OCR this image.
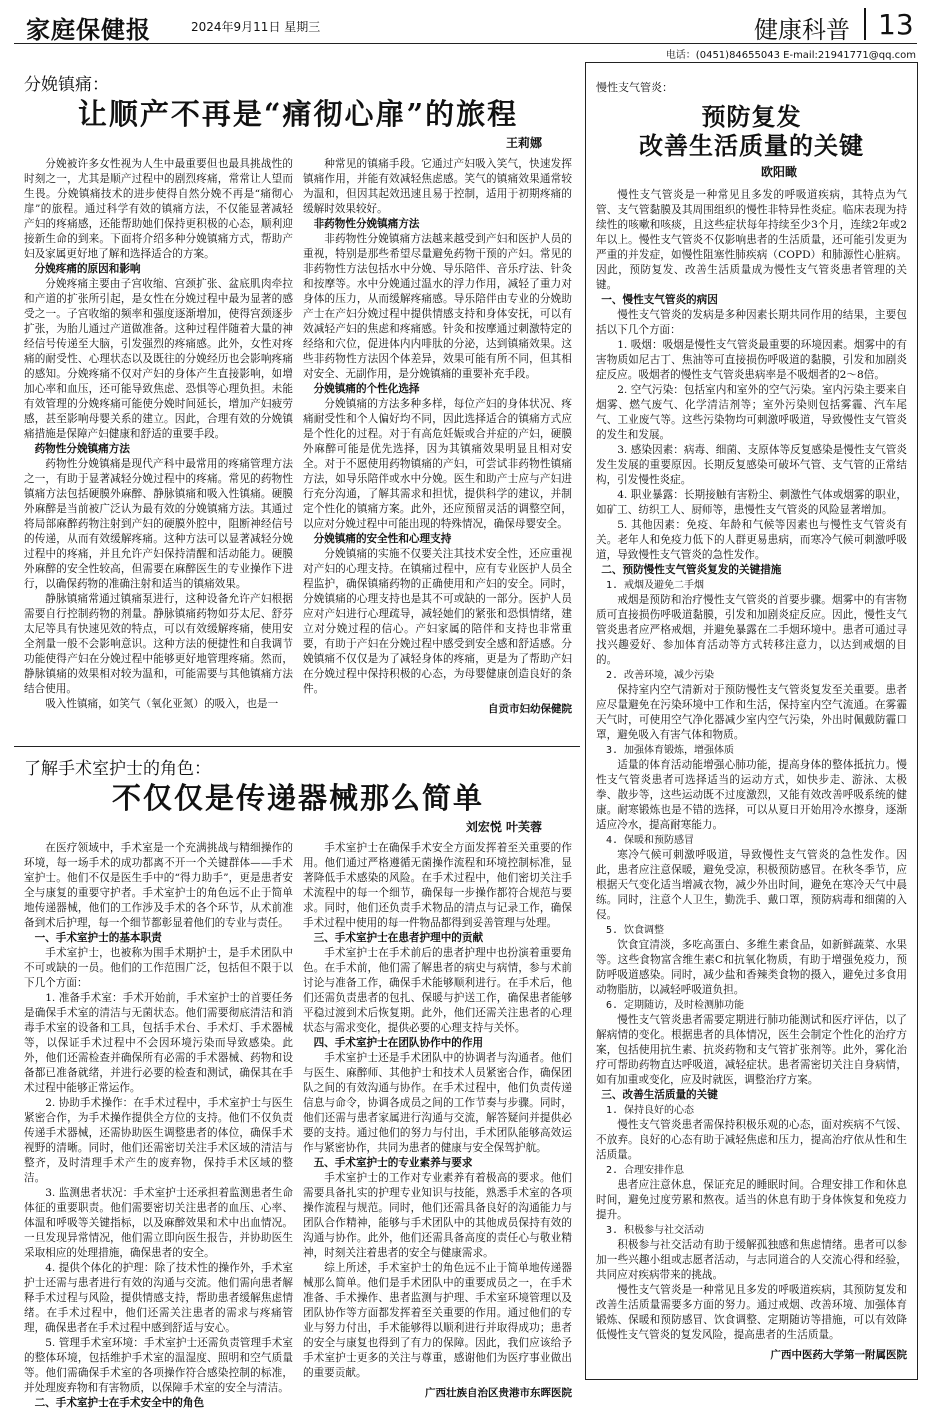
家庭保健报	2024年9月11日 星期三	健康科普 13
电话：(0451)84655043 E-mail:21941771@qq.com
分娩镇痛：
让顺产不再是“痛彻心扉”的旅程
王莉娜

分娩被许多女性视为人生中最重要但也最具挑战性的时刻之一，尤其是顺产过程中的剧烈疼痛，常常让人望而生畏。分娩镇痛技术的进步使得自然分娩不再是“痛彻心扉”的旅程。通过科学有效的镇痛方法，不仅能显著减轻产妇的疼痛感，还能帮助她们保持更积极的心态，顺利迎接新生命的到来。下面将介绍多种分娩镇痛方式，帮助产妇及家属更好地了解和选择适合的方案。

分娩疼痛的原因和影响

分娩疼痛主要由子宫收缩、宫颈扩张、盆底肌肉牵拉和产道的扩张所引起，是女性在分娩过程中最为显著的感受之一。子宫收缩的频率和强度逐渐增加，使得宫颈逐步扩张，为胎儿通过产道做准备。这种过程伴随着大量的神经信号传递至大脑，引发强烈的疼痛感。此外，女性对疼痛的耐受性、心理状态以及既往的分娩经历也会影响疼痛的感知。分娩疼痛不仅对产妇的身体产生直接影响，如增加心率和血压，还可能导致焦虑、恐惧等心理负担。未能有效管理的分娩疼痛可能使分娩时间延长，增加产妇疲劳感，甚至影响母婴关系的建立。因此，合理有效的分娩镇痛措施是保障产妇健康和舒适的重要手段。

药物性分娩镇痛方法

药物性分娩镇痛是现代产科中最常用的疼痛管理方法之一，有助于显著减轻分娩过程中的疼痛。常见的药物性镇痛方法包括硬膜外麻醉、静脉镇痛和吸入性镇痛。硬膜外麻醉是当前被广泛认为最有效的分娩镇痛方法。其通过将局部麻醉药物注射到产妇的硬膜外腔中，阻断神经信号的传递，从而有效缓解疼痛。这种方法可以显著减轻分娩过程中的疼痛，并且允许产妇保持清醒和活动能力。硬膜外麻醉的安全性较高，但需要在麻醉医生的专业操作下进行，以确保药物的准确注射和适当的镇痛效果。

静脉镇痛常通过镇痛泵进行，这种设备允许产妇根据需要自行控制药物的剂量。静脉镇痛药物如芬太尼、舒芬太尼等具有快速见效的特点，可以有效缓解疼痛，使用安全剂量一般不会影响意识。这种方法的便捷性和自我调节功能使得产妇在分娩过程中能够更好地管理疼痛。然而，静脉镇痛的效果相对较为温和，可能需要与其他镇痛方法结合使用。

吸入性镇痛，如笑气（氧化亚氮）的吸入，也是一

种常见的镇痛手段。它通过产妇吸入笑气，快速发挥镇痛作用，并能有效减轻焦虑感。笑气的镇痛效果通常较为温和，但因其起效迅速且易于控制，适用于初期疼痛的缓解时效果较好。

非药物性分娩镇痛方法

非药物性分娩镇痛方法越来越受到产妇和医护人员的重视，特别是那些希望尽量避免药物干预的产妇。常见的非药物性方法包括水中分娩、导乐陪伴、音乐疗法、针灸和按摩等。水中分娩通过温水的浮力作用，减轻了重力对身体的压力，从而缓解疼痛感。导乐陪伴由专业的分娩助产士在产妇分娩过程中提供情感支持和身体安抚，可以有效减轻产妇的焦虑和疼痛感。针灸和按摩通过刺激特定的经络和穴位，促进体内内啡肽的分泌，达到镇痛效果。这些非药物性方法因个体差异，效果可能有所不同，但其相对安全、无副作用，是分娩镇痛的重要补充手段。

分娩镇痛的个性化选择

分娩镇痛的方法多种多样，每位产妇的身体状况、疼痛耐受性和个人偏好均不同，因此选择适合的镇痛方式应是个性化的过程。对于有高危妊娠或合并症的产妇，硬膜外麻醉可能是优先选择，因为其镇痛效果明显且相对安全。对于不愿使用药物镇痛的产妇，可尝试非药物性镇痛方法，如导乐陪伴或水中分娩。医生和助产士应与产妇进行充分沟通，了解其需求和担忧，提供科学的建议，并制定个性化的镇痛方案。此外，还应预留灵活的调整空间，以应对分娩过程中可能出现的特殊情况，确保母婴安全。

分娩镇痛的安全性和心理支持

分娩镇痛的实施不仅要关注其技术安全性，还应重视对产妇的心理支持。在镇痛过程中，应有专业医护人员全程监护，确保镇痛药物的正确使用和产妇的安全。同时，分娩镇痛的心理支持也是其不可或缺的一部分。医护人员应对产妇进行心理疏导，减轻她们的紧张和恐惧情绪，建立对分娩过程的信心。产妇家属的陪伴和支持也非常重要，有助于产妇在分娩过程中感受到安全感和舒适感。分娩镇痛不仅仅是为了减轻身体的疼痛，更是为了帮助产妇在分娩过程中保持积极的心态，为母婴健康创造良好的条件。

自贡市妇幼保健院
了解手术室护士的角色：
不仅仅是传递器械那么简单
刘宏悦 叶芙蓉

在医疗领域中，手术室是一个充满挑战与精细操作的环境，每一场手术的成功都离不开一个关键群体——手术室护士。他们不仅是医生手中的“得力助手”，更是患者安全与康复的重要守护者。手术室护士的角色远不止于简单地传递器械，他们的工作涉及手术的各个环节，从术前准备到术后护理，每一个细节都彰显着他们的专业与责任。

一、手术室护士的基本职责

手术室护士，也被称为围手术期护士，是手术团队中不可或缺的一员。他们的工作范围广泛，包括但不限于以下几个方面：

1. 准备手术室：手术开始前，手术室护士的首要任务是确保手术室的清洁与无菌状态。他们需要彻底清洁和消毒手术室的设备和工具，包括手术台、手术灯、手术器械等，以保证手术过程中不会因环境污染而导致感染。此外，他们还需检查并确保所有必需的手术器械、药物和设备都已准备就绪，并进行必要的检查和测试，确保其在手术过程中能够正常运作。

2. 协助手术操作：在手术过程中，手术室护士与医生紧密合作，为手术操作提供全方位的支持。他们不仅负责传递手术器械，还需协助医生调整患者的体位，确保手术视野的清晰。同时，他们还需密切关注手术区域的清洁与整齐，及时清理手术产生的废弃物，保持手术区域的整洁。

3. 监测患者状况：手术室护士还承担着监测患者生命体征的重要职责。他们需要密切关注患者的血压、心率、体温和呼吸等关键指标，以及麻醉效果和术中出血情况。一旦发现异常情况，他们需立即向医生报告，并协助医生采取相应的处理措施，确保患者的安全。

4. 提供个体化的护理：除了技术性的操作外，手术室护士还需与患者进行有效的沟通与交流。他们需向患者解释手术过程与风险，提供情感支持，帮助患者缓解焦虑情绪。在手术过程中，他们还需关注患者的需求与疼痛管理，确保患者在手术过程中感到舒适与安心。

5. 管理手术室环境：手术室护士还需负责管理手术室的整体环境，包括维护手术室的温湿度、照明和空气质量等。他们需确保手术室的各项操作符合感染控制的标准，并处理废弃物和有害物质，以保障手术室的安全与清洁。

二、手术室护士在手术安全中的角色

手术室护士在确保手术安全方面发挥着至关重要的作用。他们通过严格遵循无菌操作流程和环境控制标准，显著降低手术感染的风险。在手术过程中，他们密切关注手术流程中的每一个细节，确保每一步操作都符合规范与要求。同时，他们还负责手术物品的清点与记录工作，确保手术过程中使用的每一件物品都得到妥善管理与处理。

三、手术室护士在患者护理中的贡献

手术室护士在手术前后的患者护理中也扮演着重要角色。在手术前，他们需了解患者的病史与病情，参与术前讨论与准备工作，确保手术能够顺利进行。在手术后，他们还需负责患者的包扎、保暖与护送工作，确保患者能够平稳过渡到术后恢复期。此外，他们还需关注患者的心理状态与需求变化，提供必要的心理支持与关怀。

四、手术室护士在团队协作中的作用

手术室护士还是手术团队中的协调者与沟通者。他们与医生、麻醉师、其他护士和技术人员紧密合作，确保团队之间的有效沟通与协作。在手术过程中，他们负责传递信息与命令，协调各成员之间的工作节奏与步骤。同时，他们还需与患者家属进行沟通与交流，解答疑问并提供必要的支持。通过他们的努力与付出，手术团队能够高效运作与紧密协作，共同为患者的健康与安全保驾护航。

五、手术室护士的专业素养与要求

手术室护士的工作对专业素养有着极高的要求。他们需要具备扎实的护理专业知识与技能，熟悉手术室的各项操作流程与规范。同时，他们还需具备良好的沟通能力与团队合作精神，能够与手术团队中的其他成员保持有效的沟通与协作。此外，他们还需具备高度的责任心与敬业精神，时刻关注着患者的安全与健康需求。

综上所述，手术室护士的角色远不止于简单地传递器械那么简单。他们是手术团队中的重要成员之一，在手术准备、手术操作、患者监测与护理、手术室环境管理以及团队协作等方面都发挥着至关重要的作用。通过他们的专业与努力付出，手术能够得以顺利进行并取得成功；患者的安全与康复也得到了有力的保障。因此，我们应该给予手术室护士更多的关注与尊重，感谢他们为医疗事业做出的重要贡献。

广西壮族自治区贵港市东晖医院
慢性支气管炎：
预防复发
改善生活质量的关键
欧阳瞰

慢性支气管炎是一种常见且多发的呼吸道疾病，其特点为气管、支气管黏膜及其周围组织的慢性非特异性炎症。临床表现为持续性的咳嗽和咳痰，且这些症状每年持续至少3个月，连续2年或2年以上。慢性支气管炎不仅影响患者的生活质量，还可能引发更为严重的并发症，如慢性阻塞性肺疾病（COPD）和肺源性心脏病。因此，预防复发、改善生活质量成为慢性支气管炎患者管理的关键。

一、慢性支气管炎的病因

慢性支气管炎的发病是多种因素长期共同作用的结果，主要包括以下几个方面：

1. 吸烟：吸烟是慢性支气管炎最重要的环境因素。烟雾中的有害物质如尼古丁、焦油等可直接损伤呼吸道的黏膜，引发和加剧炎症反应。吸烟者的慢性支气管炎患病率是不吸烟者的2～8倍。

2. 空气污染：包括室内和室外的空气污染。室内污染主要来自烟雾、燃气废气、化学清洁剂等；室外污染则包括雾霾、汽车尾气、工业废气等。这些污染物均可刺激呼吸道，导致慢性支气管炎的发生和发展。

3. 感染因素：病毒、细菌、支原体等反复感染是慢性支气管炎发生发展的重要原因。长期反复感染可破坏气管、支气管的正常结构，引发慢性炎症。

4. 职业暴露：长期接触有害粉尘、刺激性气体或烟雾的职业，如矿工、纺织工人、厨师等，患慢性支气管炎的风险显著增加。

5. 其他因素：免疫、年龄和气候等因素也与慢性支气管炎有关。老年人和免疫力低下的人群更易患病，而寒冷气候可刺激呼吸道，导致慢性支气管炎的急性发作。

二、预防慢性支气管炎复发的关键措施
1. 戒烟及避免二手烟

戒烟是预防和治疗慢性支气管炎的首要步骤。烟雾中的有害物质可直接损伤呼吸道黏膜，引发和加剧炎症反应。因此，慢性支气管炎患者应严格戒烟，并避免暴露在二手烟环境中。患者可通过寻找兴趣爱好、参加体育活动等方式转移注意力，以达到戒烟的目的。

2. 改善环境，减少污染

保持室内空气清新对于预防慢性支气管炎复发至关重要。患者应尽量避免在污染环境中工作和生活，保持室内空气流通。在雾霾天气时，可使用空气净化器减少室内空气污染，外出时佩戴防霾口罩，避免吸入有害气体和物质。

3. 加强体育锻炼，增强体质

适量的体育活动能增强心肺功能，提高身体的整体抵抗力。慢性支气管炎患者可选择适当的运动方式，如快步走、游泳、太极拳、散步等，这些运动既不过度激烈，又能有效改善呼吸系统的健康。耐寒锻炼也是不错的选择，可以从夏日开始用冷水擦身，逐渐适应冷水，提高耐寒能力。

4. 保暖和预防感冒

寒冷气候可刺激呼吸道，导致慢性支气管炎的急性发作。因此，患者应注意保暖，避免受凉，积极预防感冒。在秋冬季节，应根据天气变化适当增减衣物，减少外出时间，避免在寒冷天气中晨练。同时，注意个人卫生，勤洗手、戴口罩，预防病毒和细菌的入侵。

5. 饮食调整

饮食宜清淡，多吃高蛋白、多维生素食品，如新鲜蔬菜、水果等。这些食物富含维生素C和抗氧化物质，有助于增强免疫力，预防呼吸道感染。同时，减少盐和香辣类食物的摄入，避免过多食用动物脂肪，以减轻呼吸道负担。

6. 定期随访，及时检测肺功能

慢性支气管炎患者需要定期进行肺功能测试和医疗评估，以了解病情的变化。根据患者的具体情况，医生会制定个性化的治疗方案，包括使用抗生素、抗炎药物和支气管扩张剂等。此外，雾化治疗可帮助药物直达呼吸道，减轻症状。患者需密切关注自身病情，如有加重或变化，应及时就医，调整治疗方案。

三、改善生活质量的关键
1. 保持良好的心态

慢性支气管炎患者需保持积极乐观的心态，面对疾病不气馁、不放弃。良好的心态有助于减轻焦虑和压力，提高治疗依从性和生活质量。

2. 合理安排作息

患者应注意休息，保证充足的睡眠时间。合理安排工作和休息时间，避免过度劳累和熬夜。适当的休息有助于身体恢复和免疫力提升。

3. 积极参与社交活动

积极参与社交活动有助于缓解孤独感和焦虑情绪。患者可以参加一些兴趣小组或志愿者活动，与志同道合的人交流心得和经验，共同应对疾病带来的挑战。

慢性支气管炎是一种常见且多发的呼吸道疾病，其预防复发和改善生活质量需要多方面的努力。通过戒烟、改善环境、加强体育锻炼、保暖和预防感冒、饮食调整、定期随访等措施，可以有效降低慢性支气管炎的复发风险，提高患者的生活质量。

广西中医药大学第一附属医院
